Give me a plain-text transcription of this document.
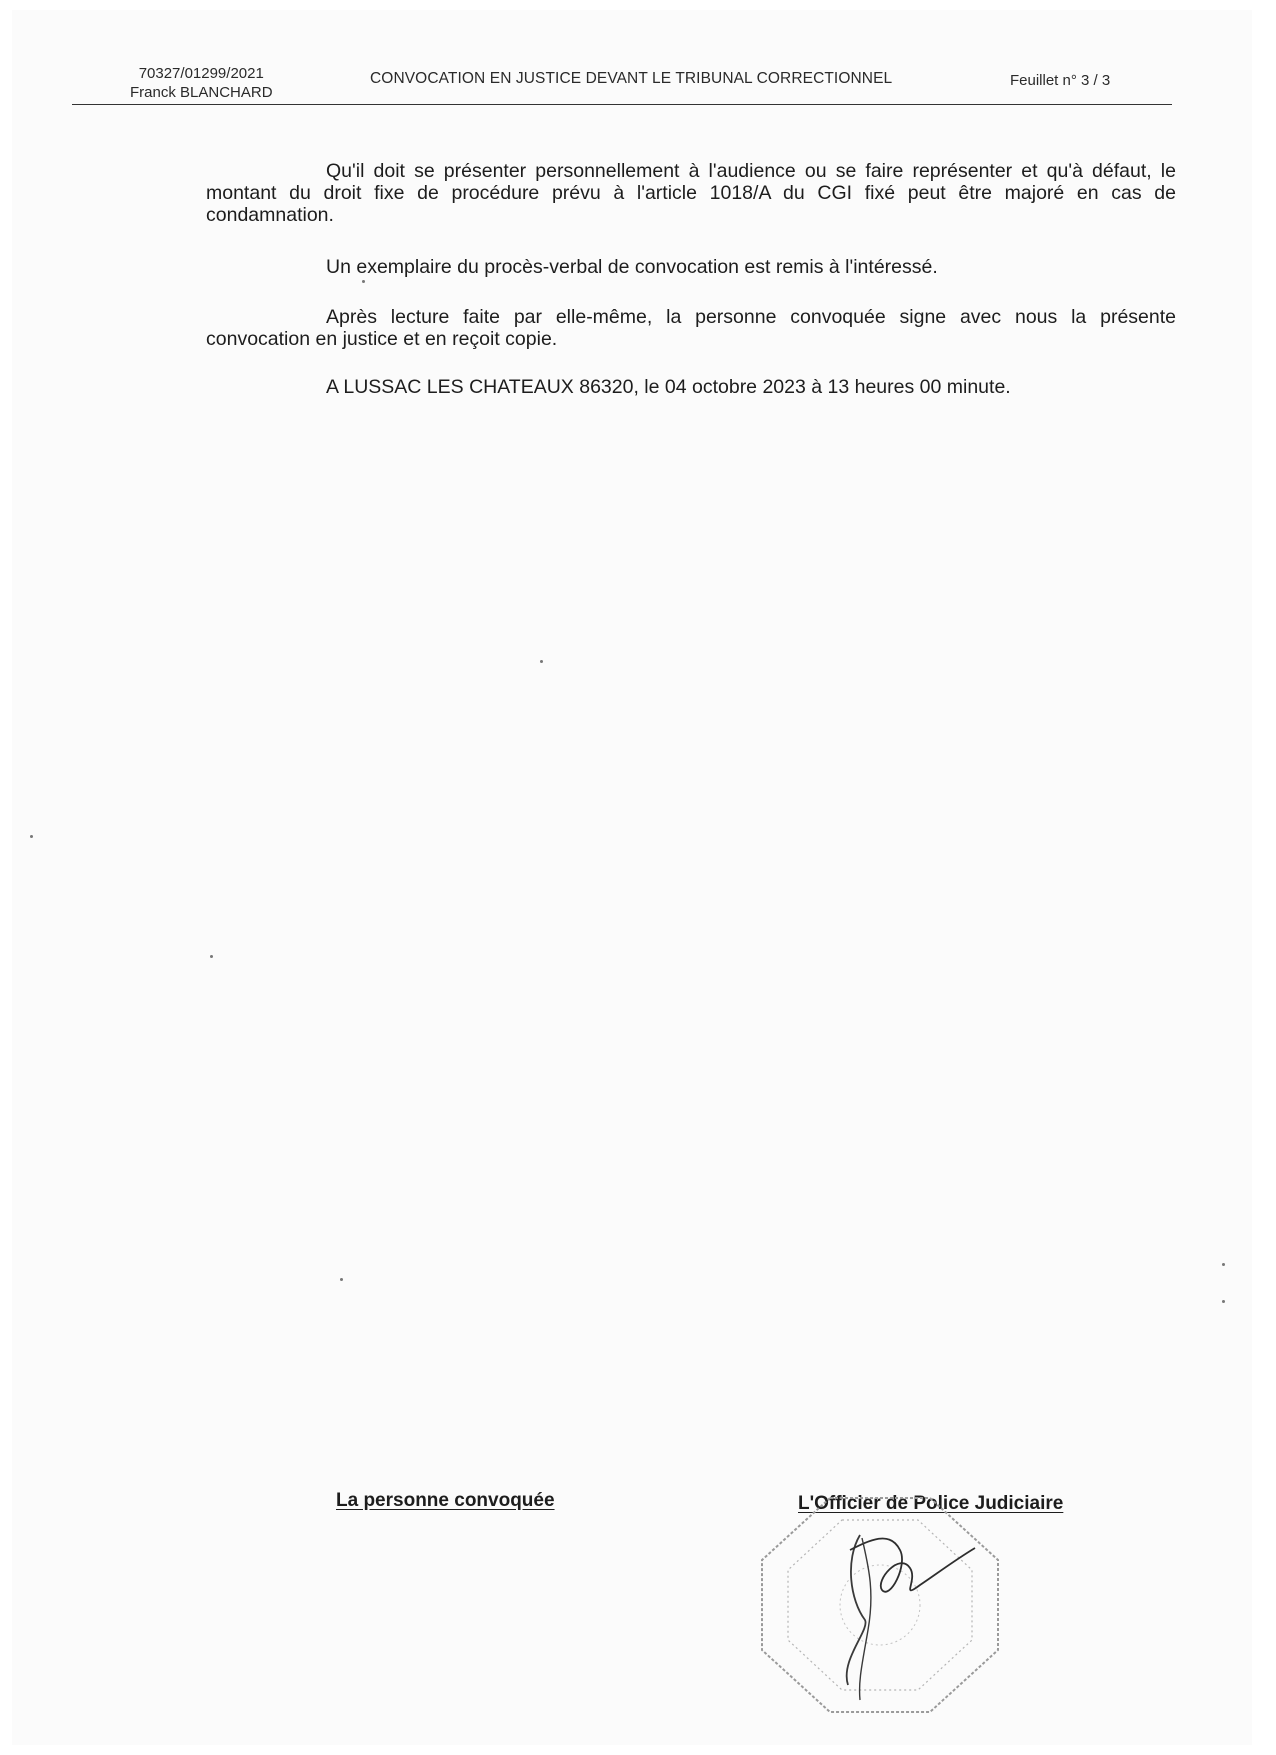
70327/01299/2021
Franck BLANCHARD
CONVOCATION EN JUSTICE DEVANT LE TRIBUNAL CORRECTIONNEL	Feuillet n° 3 / 3

Qu'il doit se présenter personnellement à l'audience ou se faire représenter et qu'à défaut, le montant du droit fixe de procédure prévu à l'article 1018/A du CGI fixé peut être majoré en cas de condamnation.

Un exemplaire du procès-verbal de convocation est remis à l'intéressé.

Après lecture faite par elle-même, la personne convoquée signe avec nous la présente convocation en justice et en reçoit copie.

A LUSSAC LES CHATEAUX 86320, le 04 octobre 2023 à 13 heures 00 minute.

La personne convoquée	L'Officier de Police Judiciaire
